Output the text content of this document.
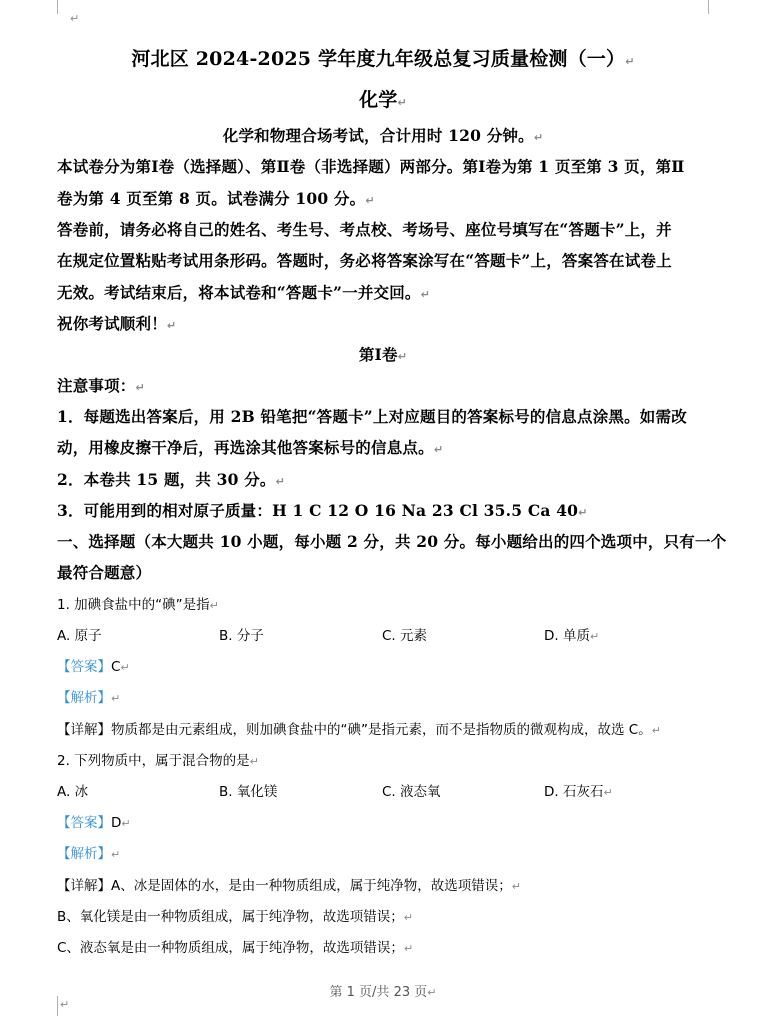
↵
河北区 2024-2025 学年度九年级总复习质量检测（一）↵
化学↵
化学和物理合场考试，合计用时 120 分钟。↵
本试卷分为第Ⅰ卷（选择题）、第Ⅱ卷（非选择题）两部分。第Ⅰ卷为第 1 页至第 3 页，第Ⅱ
卷为第 4 页至第 8 页。试卷满分 100 分。↵
答卷前，请务必将自己的姓名、考生号、考点校、考场号、座位号填写在“答题卡”上，并
在规定位置粘贴考试用条形码。答题时，务必将答案涂写在“答题卡”上，答案答在试卷上
无效。考试结束后，将本试卷和“答题卡”一并交回。↵
祝你考试顺利！↵
第Ⅰ卷↵
注意事项：↵
1．每题选出答案后，用 2B 铅笔把“答题卡”上对应题目的答案标号的信息点涂黑。如需改
动，用橡皮擦干净后，再选涂其他答案标号的信息点。↵
2．本卷共 15 题，共 30 分。↵
3．可能用到的相对原子质量：H 1 C 12 O 16 Na 23 Cl 35.5 Ca 40↵
一、选择题（本大题共 10 小题，每小题 2 分，共 20 分。每小题给出的四个选项中，只有一个
最符合题意）
1. 加碘食盐中的“碘”是指↵
A. 原子	B. 分子	C. 元素	D. 单质↵
【答案】C↵
【解析】↵
【详解】物质都是由元素组成，则加碘食盐中的“碘”是指元素，而不是指物质的微观构成，故选 C。↵
2. 下列物质中，属于混合物的是↵
A. 冰	B. 氧化镁	C. 液态氧	D. 石灰石↵
【答案】D↵
【解析】↵
【详解】A、冰是固体的水，是由一种物质组成，属于纯净物，故选项错误；↵
B、氧化镁是由一种物质组成，属于纯净物，故选项错误；↵
C、液态氧是由一种物质组成，属于纯净物，故选项错误；↵
第 1 页/共 23 页↵
↵
